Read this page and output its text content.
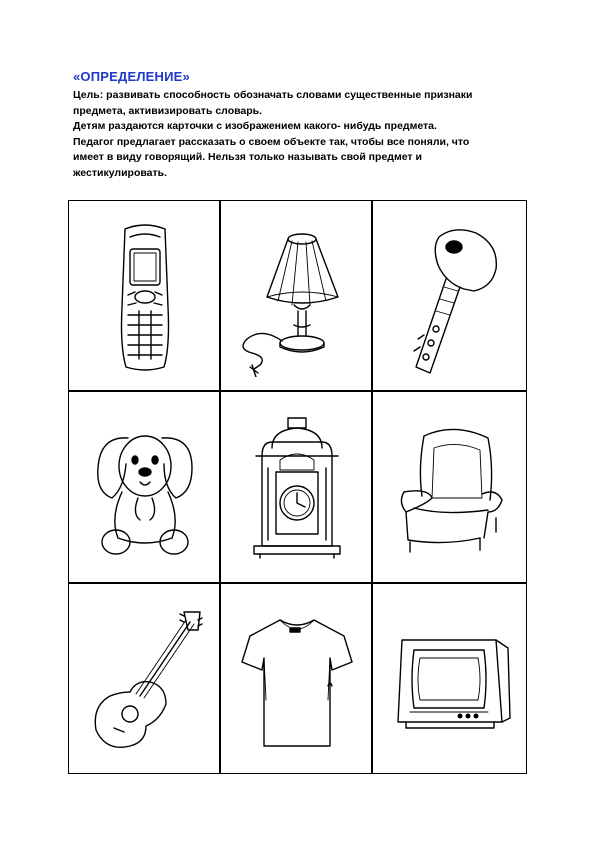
«ОПРЕДЕЛЕНИЕ»

Цель: развивать способность обозначать словами существенные признаки предмета, активизировать словарь.

Детям раздаются карточки с изображением какого- нибудь предмета.

Педагог предлагает рассказать о своем объекте так, чтобы все поняли, что имеет в виду говорящий. Нельзя только называть свой предмет и жестикулировать.
